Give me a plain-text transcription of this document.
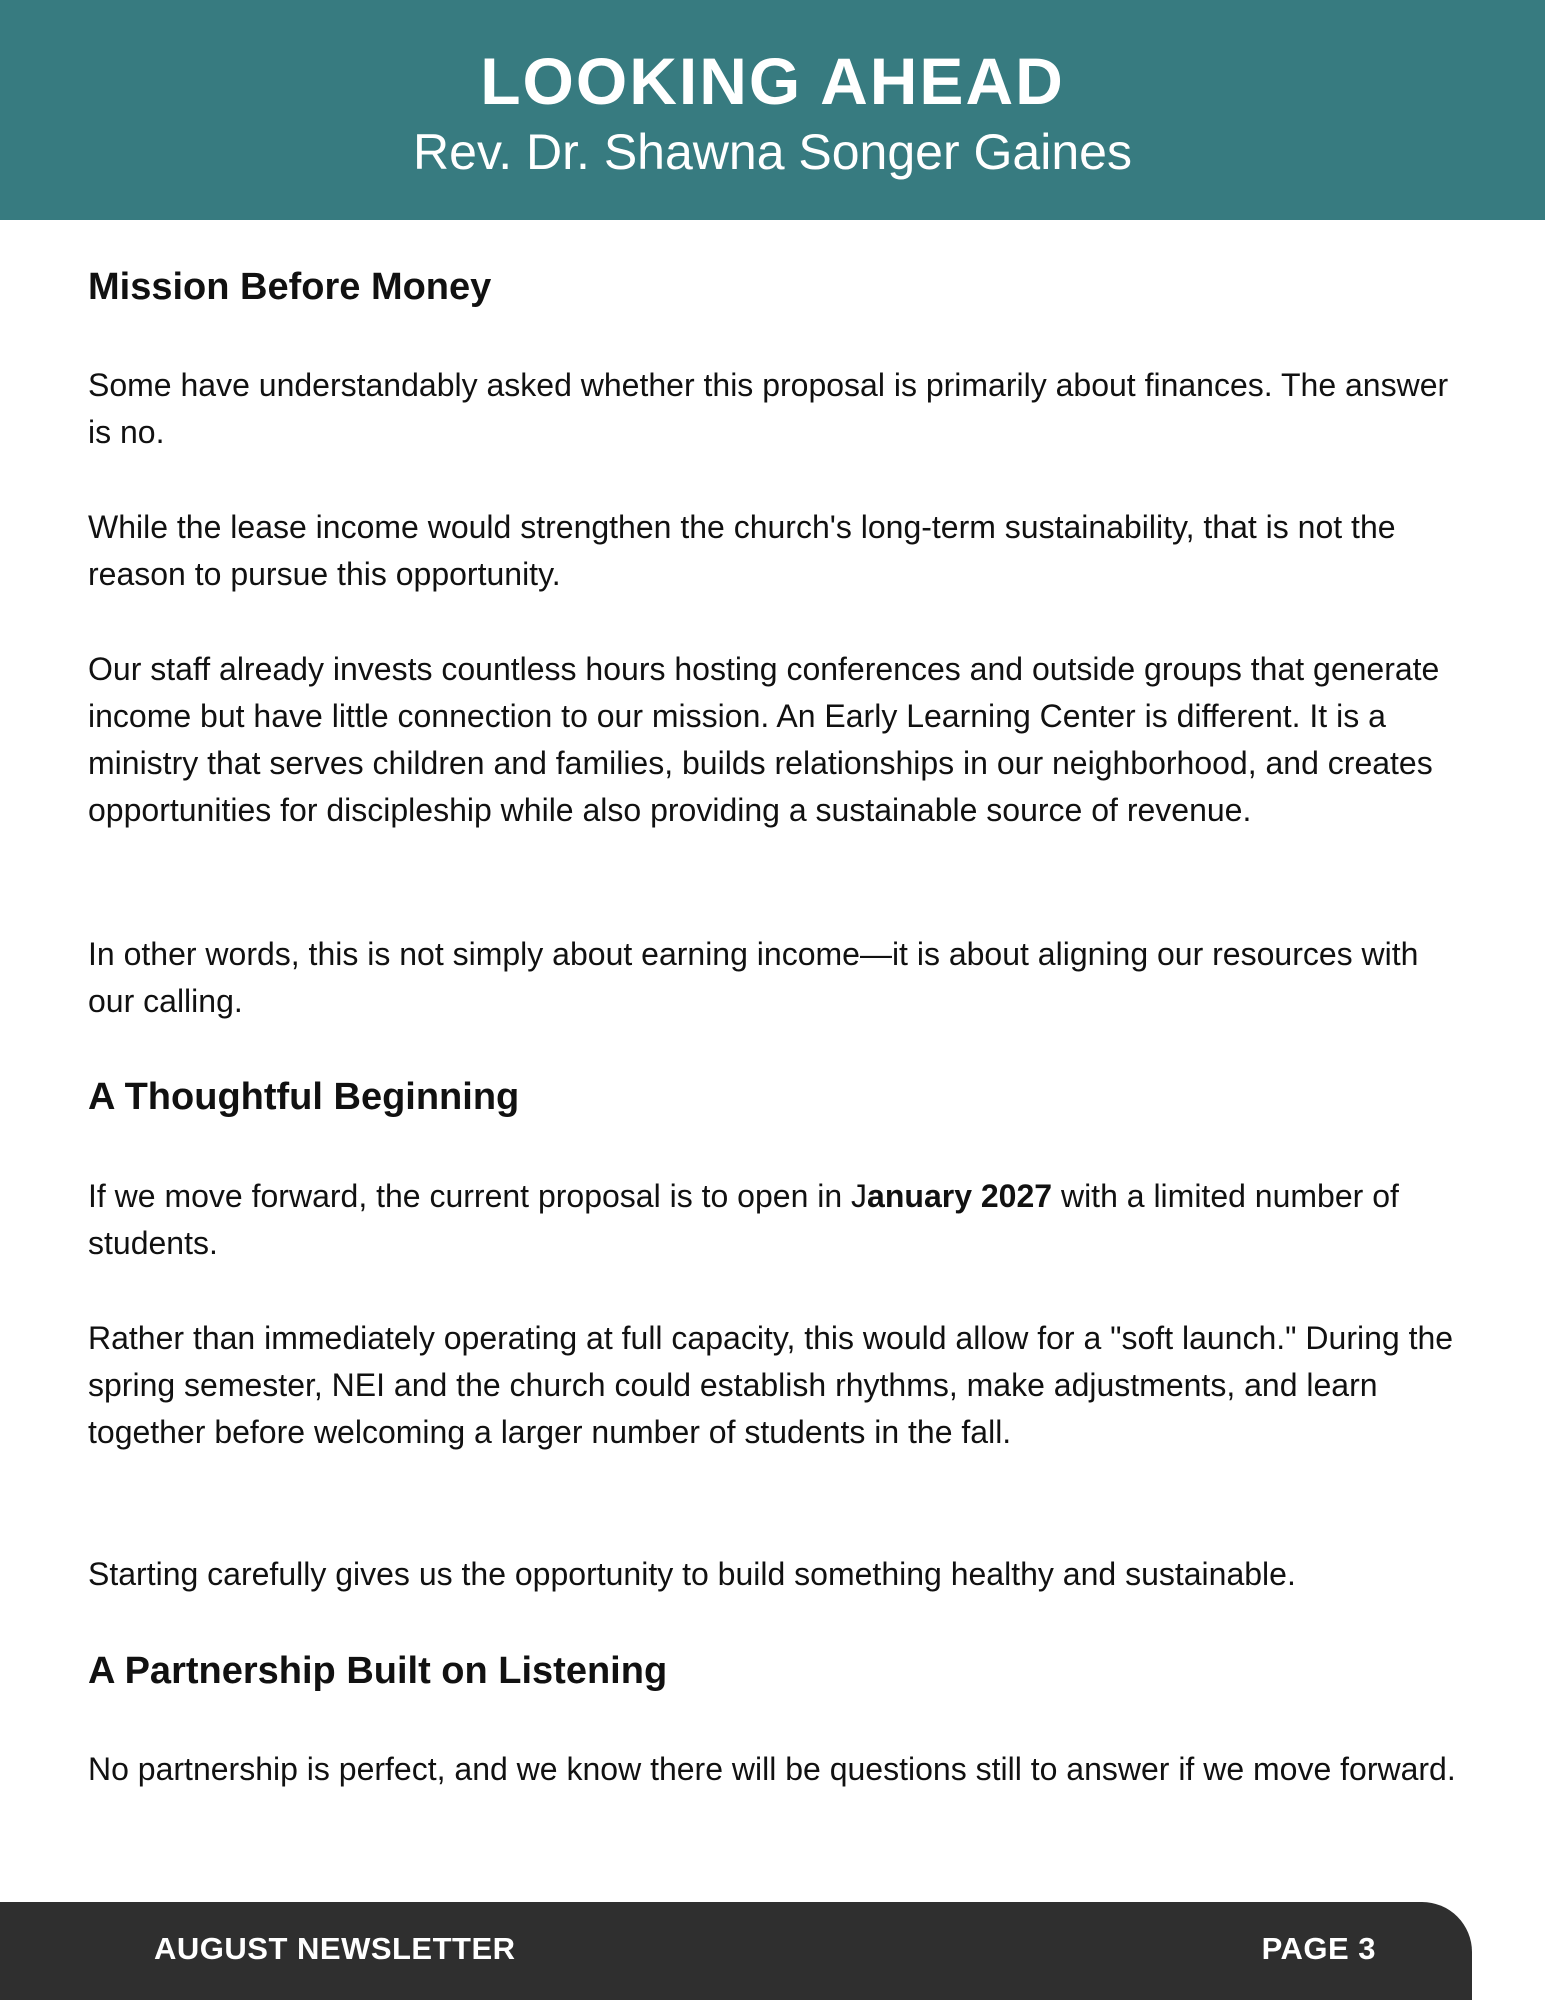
LOOKING AHEAD
Rev. Dr. Shawna Songer Gaines
Mission Before Money

Some have understandably asked whether this proposal is primarily about finances. The answer is no.

While the lease income would strengthen the church's long-term sustainability, that is not the reason to pursue this opportunity.

Our staff already invests countless hours hosting conferences and outside groups that generate income but have little connection to our mission. An Early Learning Center is different. It is a ministry that serves children and families, builds relationships in our neighborhood, and creates opportunities for discipleship while also providing a sustainable source of revenue.

In other words, this is not simply about earning income—it is about aligning our resources with our calling.

A Thoughtful Beginning

If we move forward, the current proposal is to open in January 2027 with a limited number of students.

Rather than immediately operating at full capacity, this would allow for a "soft launch." During the spring semester, NEI and the church could establish rhythms, make adjustments, and learn together before welcoming a larger number of students in the fall.

Starting carefully gives us the opportunity to build something healthy and sustainable.

A Partnership Built on Listening

No partnership is perfect, and we know there will be questions still to answer if we move forward.

AUGUST NEWSLETTER	PAGE 3
